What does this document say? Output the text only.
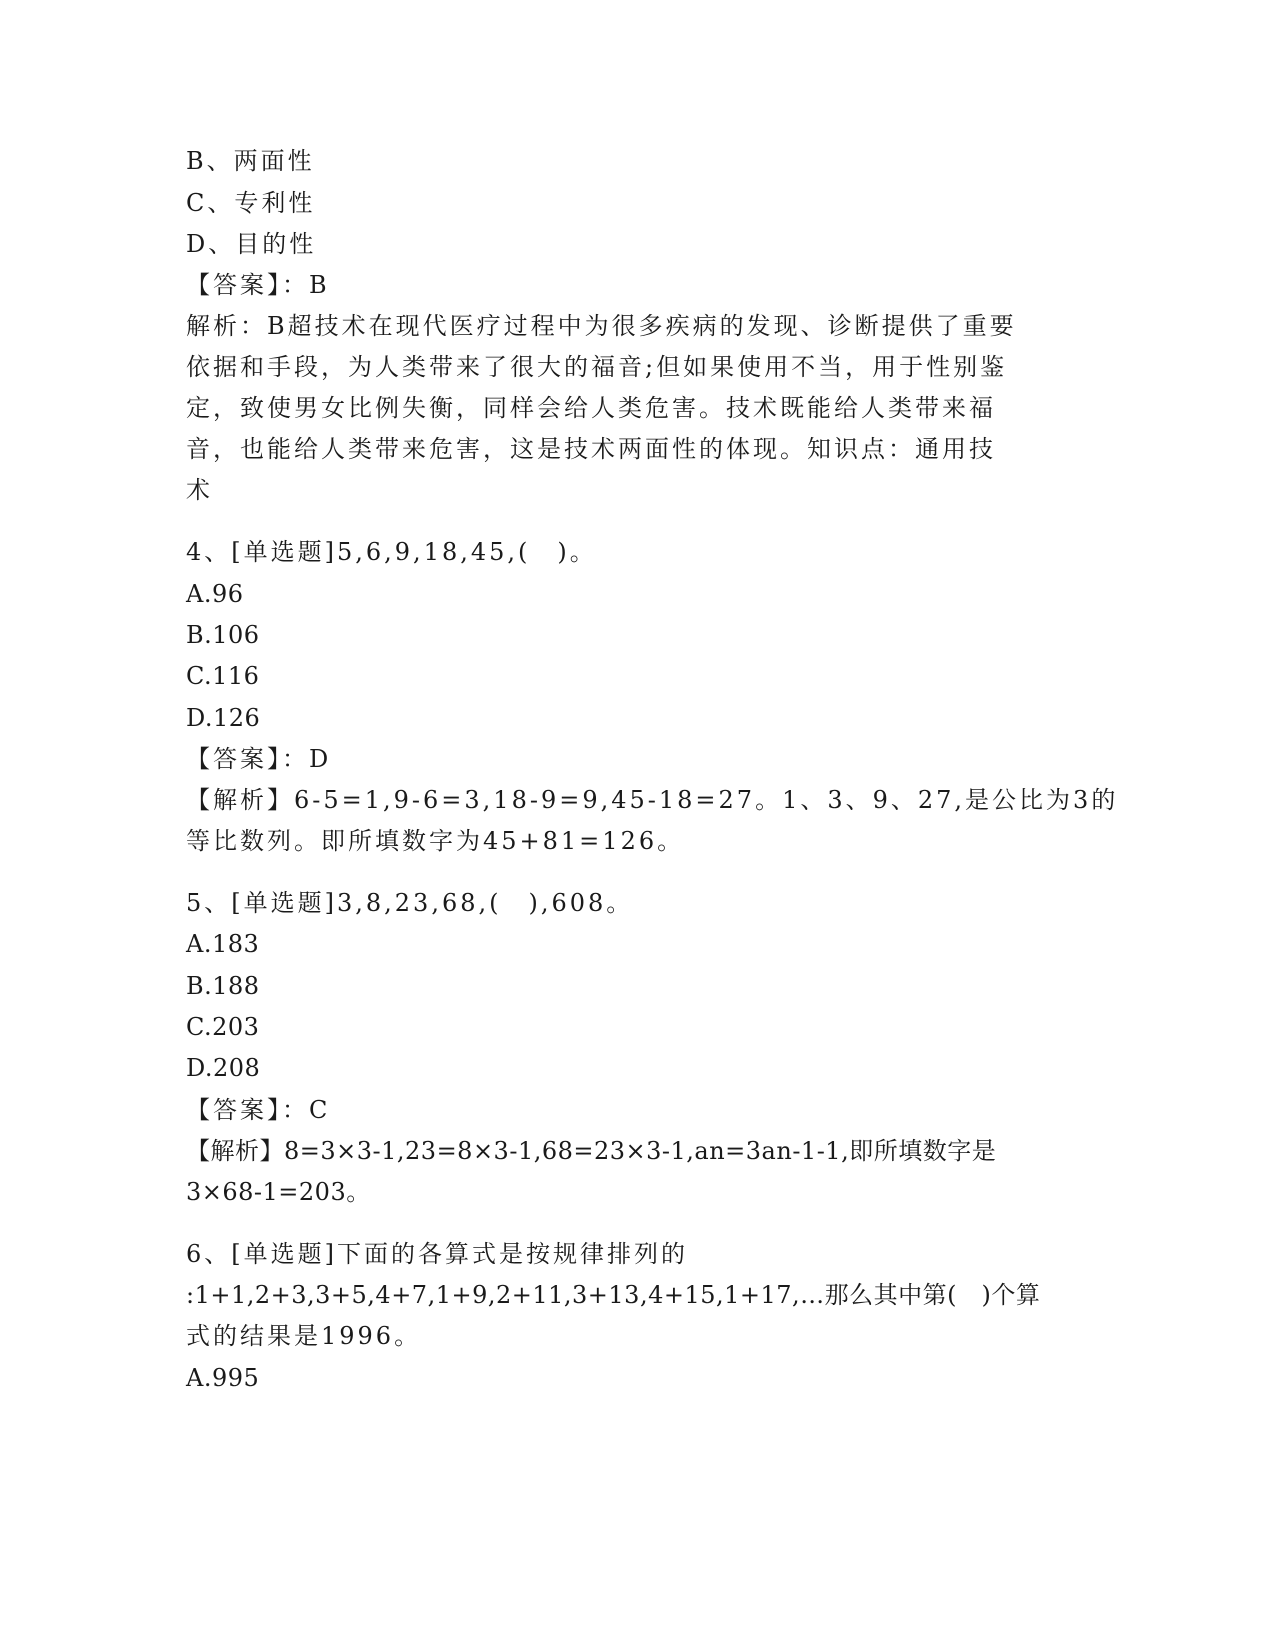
B、两面性
C、专利性
D、目的性
【答案】：B
解析：B超技术在现代医疗过程中为很多疾病的发现、诊断提供了重要
依据和手段，为人类带来了很大的福音;但如果使用不当，用于性别鉴
定，致使男女比例失衡，同样会给人类危害。技术既能给人类带来福
音，也能给人类带来危害，这是技术两面性的体现。知识点：通用技
术
4、[单选题]5,6,9,18,45,(　)。
A.96
B.106
C.116
D.126
【答案】：D
【解析】6-5=1,9-6=3,18-9=9,45-18=27。1、3、9、27,是公比为3的
等比数列。即所填数字为45+81=126。
5、[单选题]3,8,23,68,(　),608。
A.183
B.188
C.203
D.208
【答案】：C
【解析】8=3×3-1,23=8×3-1,68=23×3-1,an=3an-1-1,即所填数字是
3×68-1=203。
6、[单选题]下面的各算式是按规律排列的
:1+1,2+3,3+5,4+7,1+9,2+11,3+13,4+15,1+17,…那么其中第(　)个算
式的结果是1996。
A.995
